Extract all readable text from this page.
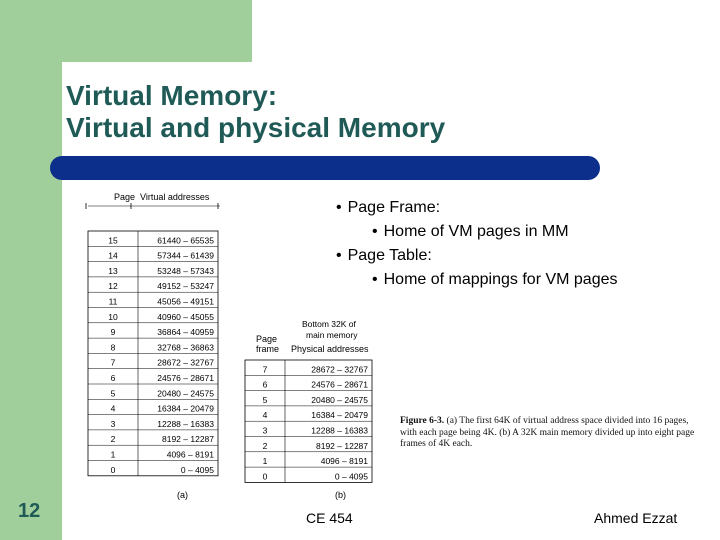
Virtual Memory:
Virtual and physical Memory
• Page Frame:
• Home of VM pages in MM
• Page Table:
• Home of mappings for VM pages
Page Virtual addresses
15	61440 – 65535
14	57344 – 61439
13	53248 – 57343
12	49152 – 53247
11	45056 – 49151
10	40960 – 45055
9	36864 – 40959
8	32768 – 36863
7	28672 – 32767
6	24576 – 28671
5	20480 – 24575
4	16384 – 20479
3	12288 – 16383
2	8192 – 12287
1	4096 – 8191
0	0 – 4095
7	28672 – 32767
6	24576 – 28671
5	20480 – 24575
4	16384 – 20479
3	12288 – 16383
2	8192 – 12287
1	4096 – 8191
0	0 – 4095
(a)	(b)
Bottom 32K of
main memory
Page
frame Physical addresses
Figure 6-3. (a) The first 64K of virtual address space divided into 16 pages, with each page being 4K. (b) A 32K main memory divided up into eight page frames of 4K each.
12	CE 454	Ahmed Ezzat
